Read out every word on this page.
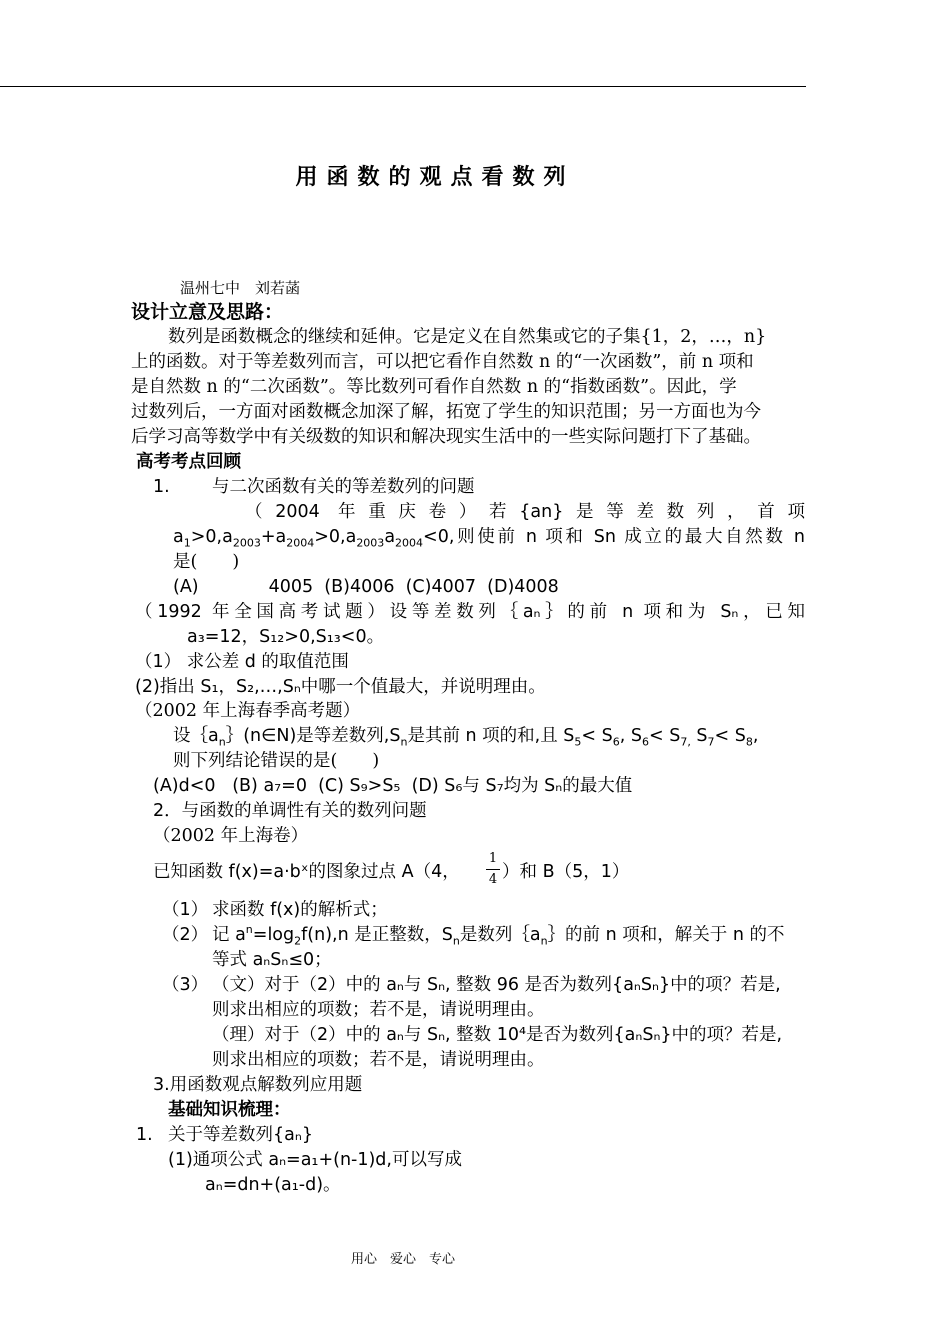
用函数的观点看数列
温州七中　刘若菡
设计立意及思路：
数列是函数概念的继续和延伸。它是定义在自然集或它的子集{1，2，…，n}
上的函数。对于等差数列而言，可以把它看作自然数 n 的“一次函数”，前 n 项和
是自然数 n 的“二次函数”。等比数列可看作自然数 n 的“指数函数”。因此，学
过数列后，一方面对函数概念加深了解，拓宽了学生的知识范围；另一方面也为今
后学习高等数学中有关级数的知识和解决现实生活中的一些实际问题打下了基础。
高考考点回顾
1. 与二次函数有关的等差数列的问题
（2004 年重庆卷）若{an}是等差数列，首项
$a_1>0,a_{2003}+a_{2004}>0,a_{2003}a_{2004}<0$,则使前 n 项和 Sn 成立的最大自然数 n
是(　　)
(A)　　　　4005  (B)4006  (C)4007  (D)4008
（1992 年全国高考试题）设等差数列｛aₙ｝的前 n 项和为 Sₙ，已知
a₃=12，S₁₂>0,S₁₃<0。
（1） 求公差 d 的取值范围
(2)指出 S₁，S₂,…,Sₙ中哪一个值最大，并说明理由。
（2002 年上海春季高考题）
设$\{a_n\}(n\in N)$是等差数列$,S_n$是其前 n 项的和,且 $S_5< S_6$, $S_6< S_{7,}$ $S_7< S_8$,
则下列结论错误的是(　　)
(A)d<0   (B) a₇=0  (C) S₉>S₅  (D) S₆与 S₇均为 Sₙ的最大值
2．与函数的单调性有关的数列问题
（2002 年上海卷）
已知函数 f(x)=a·bˣ的图象过点 A（4，
1
4 ）和 B（5，1）
（1） 求函数 f(x)的解析式；
（2） 记 $a^n=\log_2f(n),n$ 是正整数，$S_n$是数列$\{a_n\}$的前 n 项和，解关于 n 的不
等式 aₙSₙ≤0；
（3） （文）对于（2）中的 aₙ与 Sₙ, 整数 96 是否为数列{aₙSₙ}中的项？若是,
则求出相应的项数；若不是，请说明理由。
（理）对于（2）中的 aₙ与 Sₙ, 整数 10⁴是否为数列{aₙSₙ}中的项？若是,
则求出相应的项数；若不是，请说明理由。
3.用函数观点解数列应用题
基础知识梳理：
1. 关于等差数列{aₙ}
(1)通项公式 aₙ=a₁+(n-1)d,可以写成
aₙ=dn+(a₁-d)。
用心　爱心　专心
